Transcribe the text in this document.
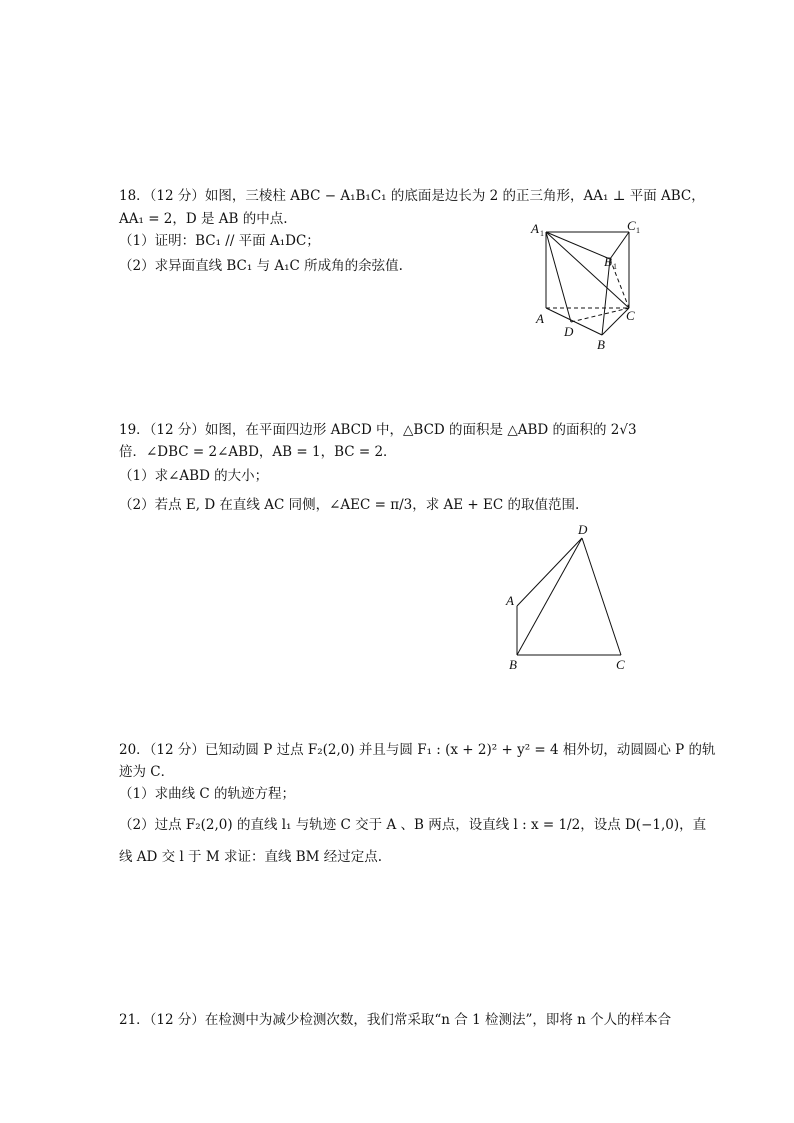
18．（12 分）如图，三棱柱 ABC − A₁B₁C₁ 的底面是边长为 2 的正三角形，AA₁ ⊥ 平面 ABC，
AA₁ = 2，D 是 AB 的中点.
（1）证明：BC₁ // 平面 A₁DC；
（2）求异面直线 BC₁ 与 A₁C 所成角的余弦值.
A 1
C 1
B 1
A	C
D
B
19．（12 分）如图，在平面四边形 ABCD 中，△BCD 的面积是 △ABD 的面积的 2√3
倍．∠DBC = 2∠ABD，AB = 1，BC = 2．
（1）求∠ABD 的大小；
（2）若点 E, D 在直线 AC 同侧，∠AEC = π/3，求 AE + EC 的取值范围.
D
A
B	C
20．（12 分）已知动圆 P 过点 F₂(2,0) 并且与圆 F₁ : (x + 2)² + y² = 4 相外切，动圆圆心 P 的轨
迹为 C．
（1）求曲线 C 的轨迹方程；
（2）过点 F₂(2,0) 的直线 l₁ 与轨迹 C 交于 A 、B 两点，设直线 l : x = 1/2，设点 D(−1,0)，直
线 AD 交 l 于 M 求证：直线 BM 经过定点.
21．（12 分）在检测中为减少检测次数，我们常采取“n 合 1 检测法”，即将 n 个人的样本合
